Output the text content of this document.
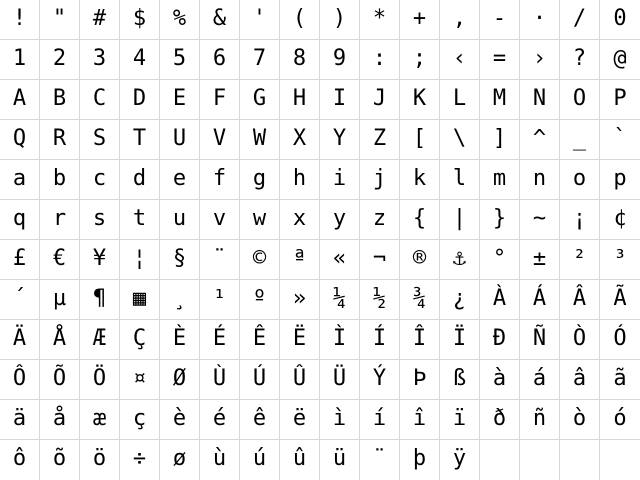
! " # $ % & ' ( ) * + , - · / 0
1 2 3 4 5 6 7 8 9 : ; ‹ = › ? @
A B C D E F G H I J K L M N O P
Q R S T U V W X Y Z [ \ ] ^ _ `
a b c d e f g h i j k l m n o p
q r s t u v w x y z { | } ~ ¡ ¢
£ € ¥ ¦ § ¨ © ª « ¬ ® ⚓ ° ± ² ³
´ µ ¶ ▦ ¸ ¹ º » ¼ ½ ¾ ¿ À Á Â Ã
Ä Å Æ Ç È É Ê Ë Ì Í Î Ï Ð Ñ Ò Ó
Ô Õ Ö ¤ Ø Ù Ú Û Ü Ý Þ ß à á â ã
ä å æ ç è é ê ë ì í î ï ð ñ ò ó
ô õ ö ÷ ø ù ú û ü ¨ þ ÿ
